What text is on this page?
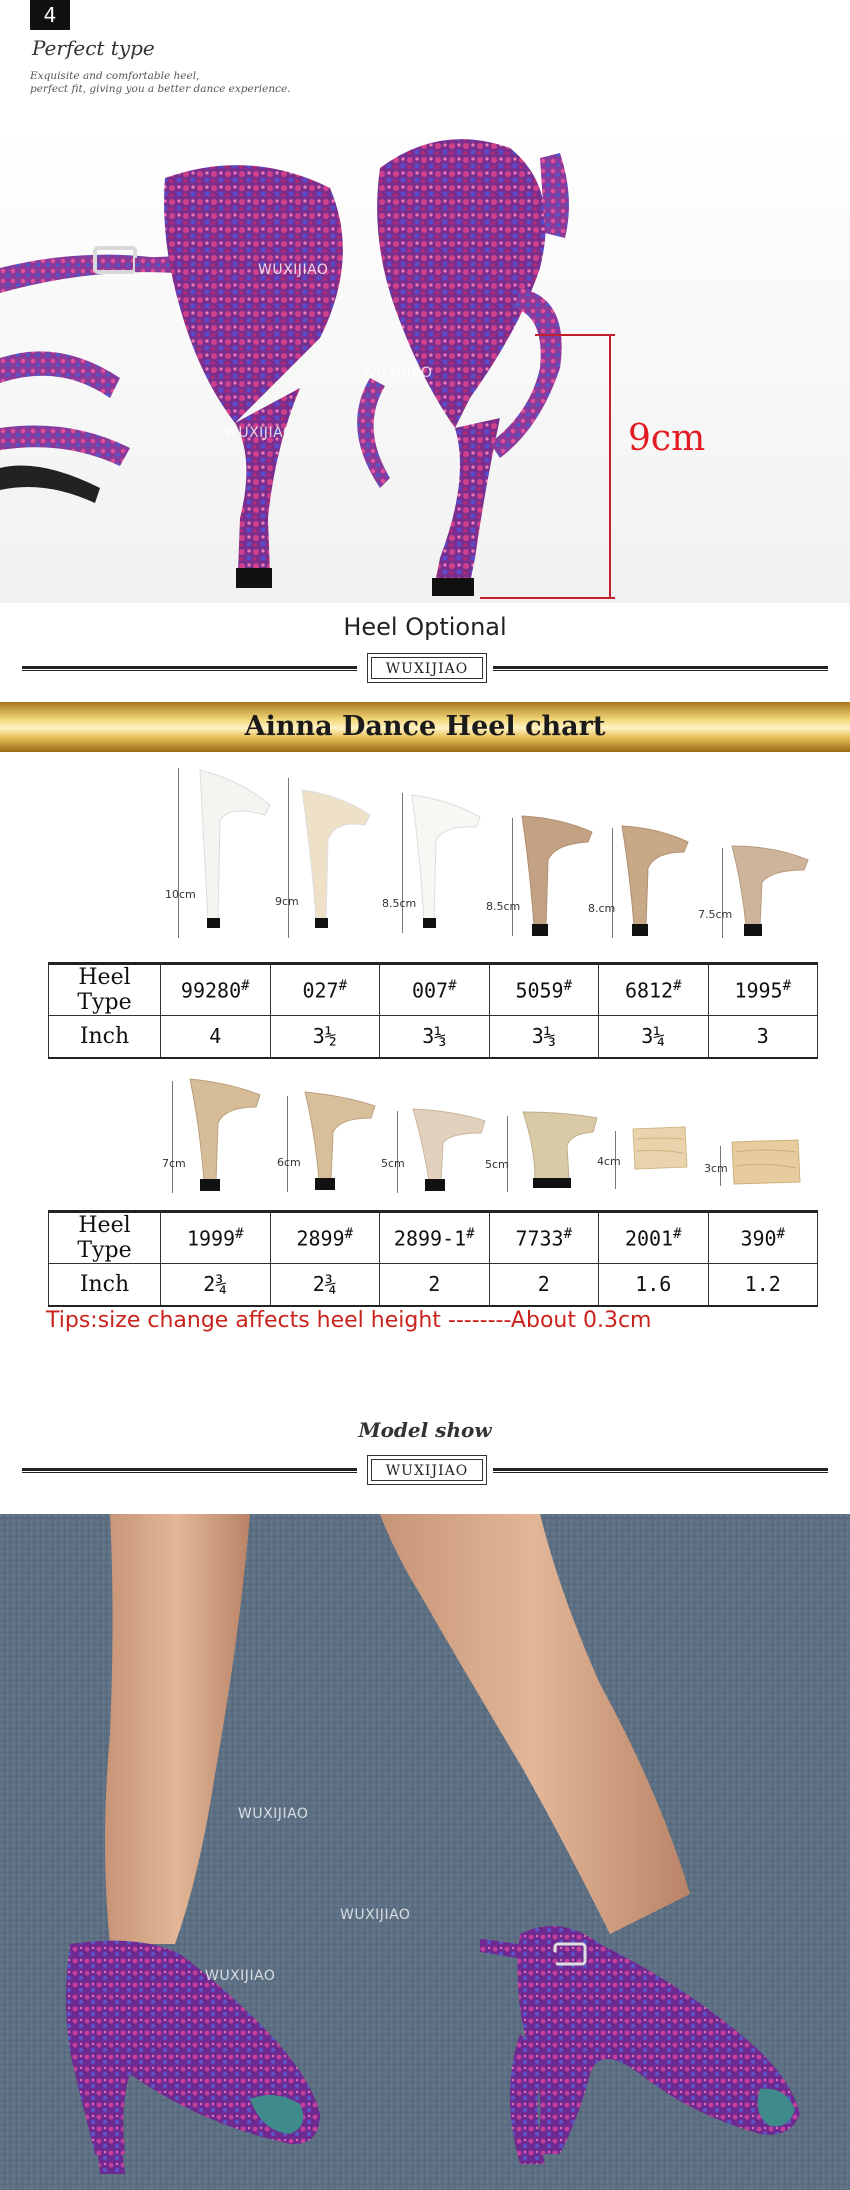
4
Perfect type
Exquisite and comfortable heel,
perfect fit, giving you a better dance experience.
WUXIJIAO
WUXIJIAO
WUXIJIAO	9cm
Heel Optional
WUXIJIAO
Ainna Dance Heel chart
10cm
9cm	8.5cm	8.5cm	8.cm	7.5cm
Heel Type	99280#	027#	007#	5059#	6812#	1995#
Inch	4	3½	3⅓	3⅓	3¼	3
7cm	6cm	5cm	5cm	4cm
3cm
Heel Type	1999#	2899#	2899-1#	7733#	2001#	390#
Inch	2¾	2¾	2	2	1.6	1.2
Tips:size change affects heel height --------About 0.3cm
Model show
WUXIJIAO
WUXIJIAO
WUXIJIAO
WUXIJIAO
